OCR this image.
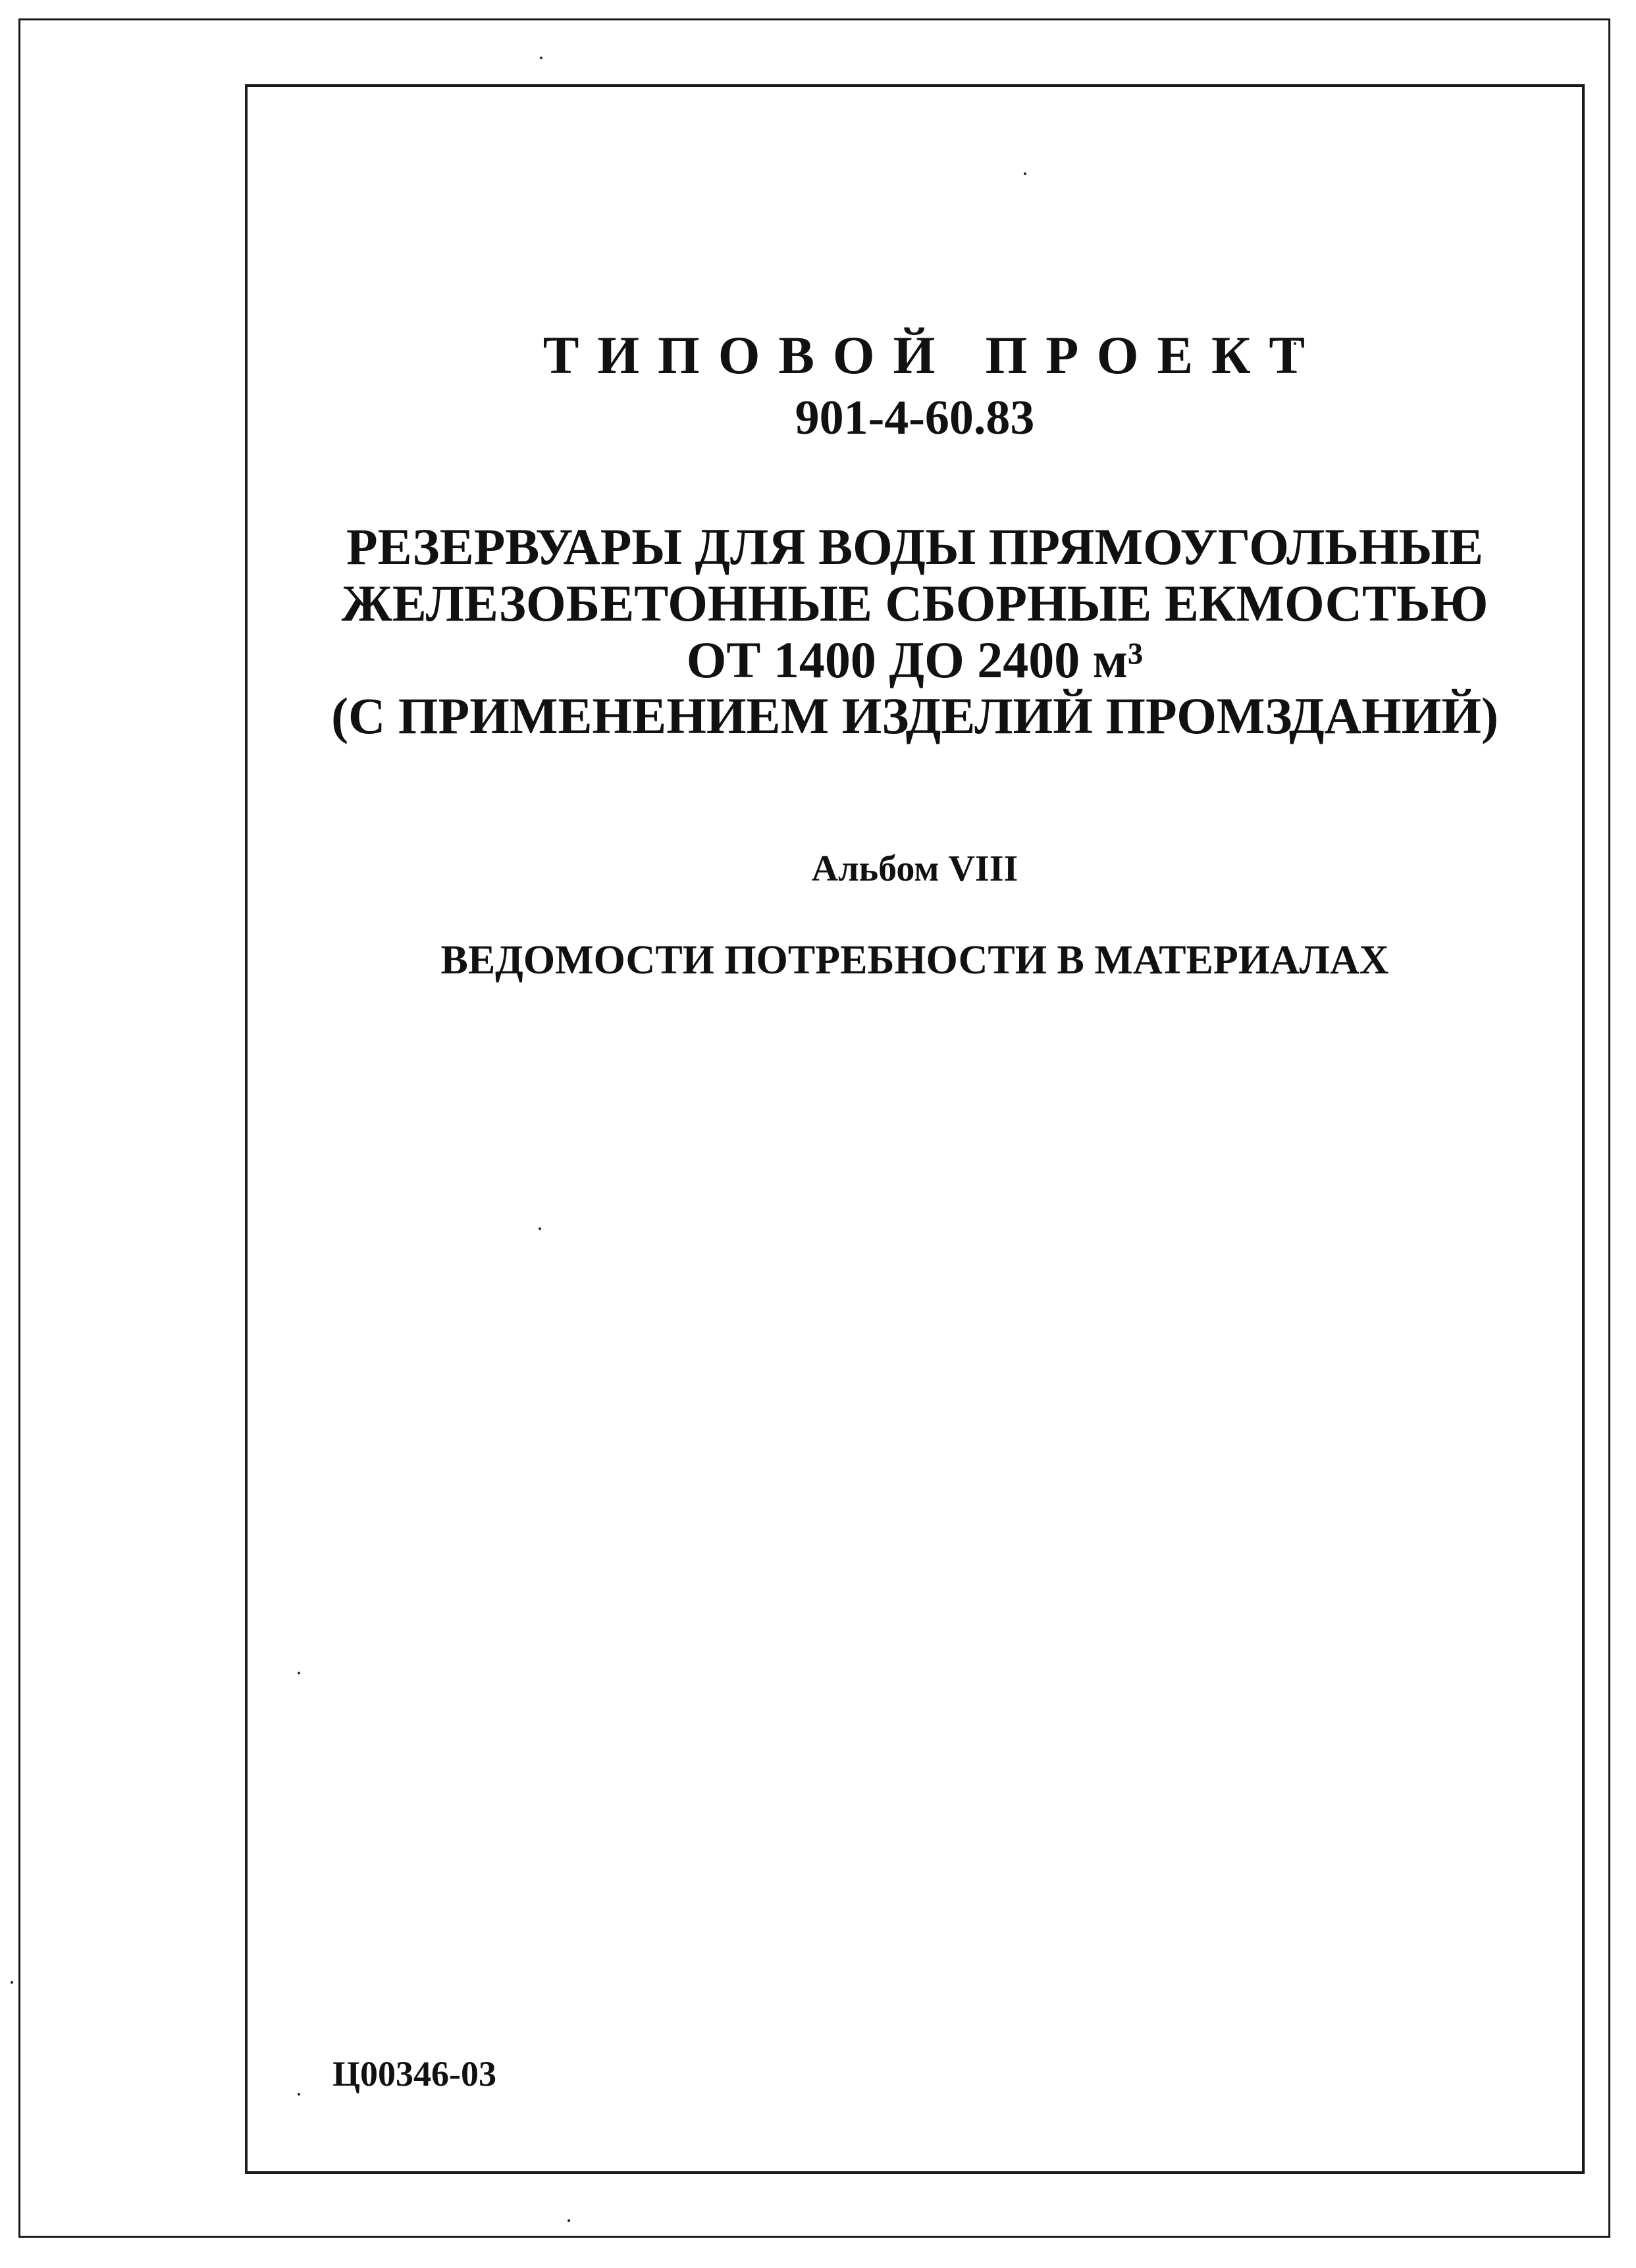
ТИПОВОЙ ПРОЕКТ
901-4-60.83
РЕЗЕРВУАРЫ ДЛЯ ВОДЫ ПРЯМОУГОЛЬНЫЕ
ЖЕЛЕЗОБЕТОННЫЕ СБОРНЫЕ ЕКМОСТЬЮ
ОТ 1400 ДО 2400 м³
(С ПРИМЕНЕНИЕМ ИЗДЕЛИЙ ПРОМЗДАНИЙ)
Альбом VIII
ВЕДОМОСТИ ПОТРЕБНОСТИ В МАТЕРИАЛАХ
Ц00346-03
